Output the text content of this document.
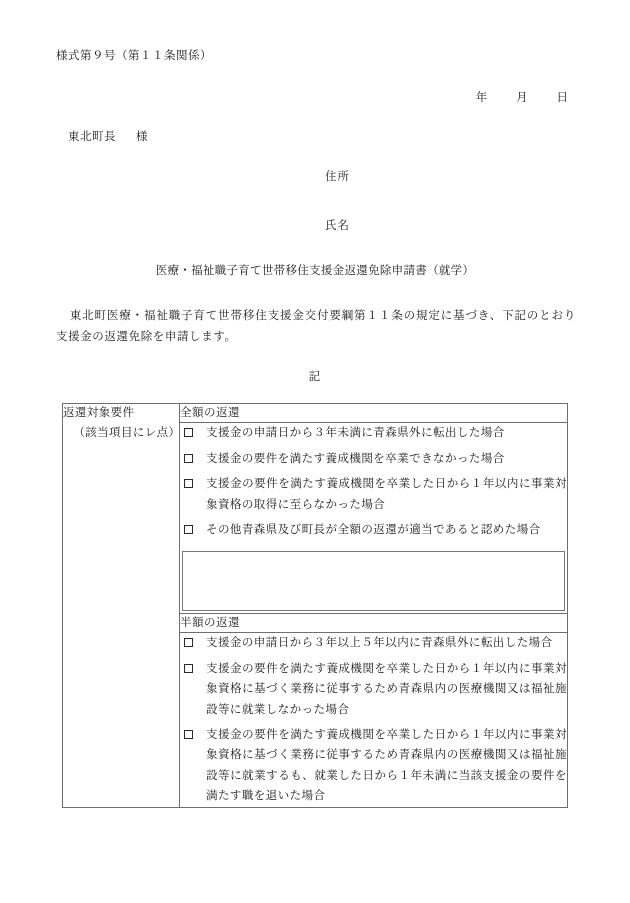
様式第９号（第１１条関係）
年	月	日
東北町長 様
住所
氏名
医療・福祉職子育て世帯移住支援金返還免除申請書（就学）
東北町医療・福祉職子育て世帯移住支援金交付要綱第１１条の規定に基づき、下記のとおり支援金の返還免除を申請します。
記
返還対象要件
（該当項目にレ点）
	全額の返還

支援金の申請日から３年未満に青森県外に転出した場合
支援金の要件を満たす養成機関を卒業できなかった場合
支援金の要件を満たす養成機関を卒業した日から１年以内に事業対象資格の取得に至らなかった場合
その他青森県及び町長が全額の返還が適当であると認めた場合

半額の返還

支援金の申請日から３年以上５年以内に青森県外に転出した場合
支援金の要件を満たす養成機関を卒業した日から１年以内に事業対象資格に基づく業務に従事するため青森県内の医療機関又は福祉施設等に就業しなかった場合
支援金の要件を満たす養成機関を卒業した日から１年以内に事業対象資格に基づく業務に従事するため青森県内の医療機関又は福祉施設等に就業するも、就業した日から１年未満に当該支援金の要件を満たす職を退いた場合
